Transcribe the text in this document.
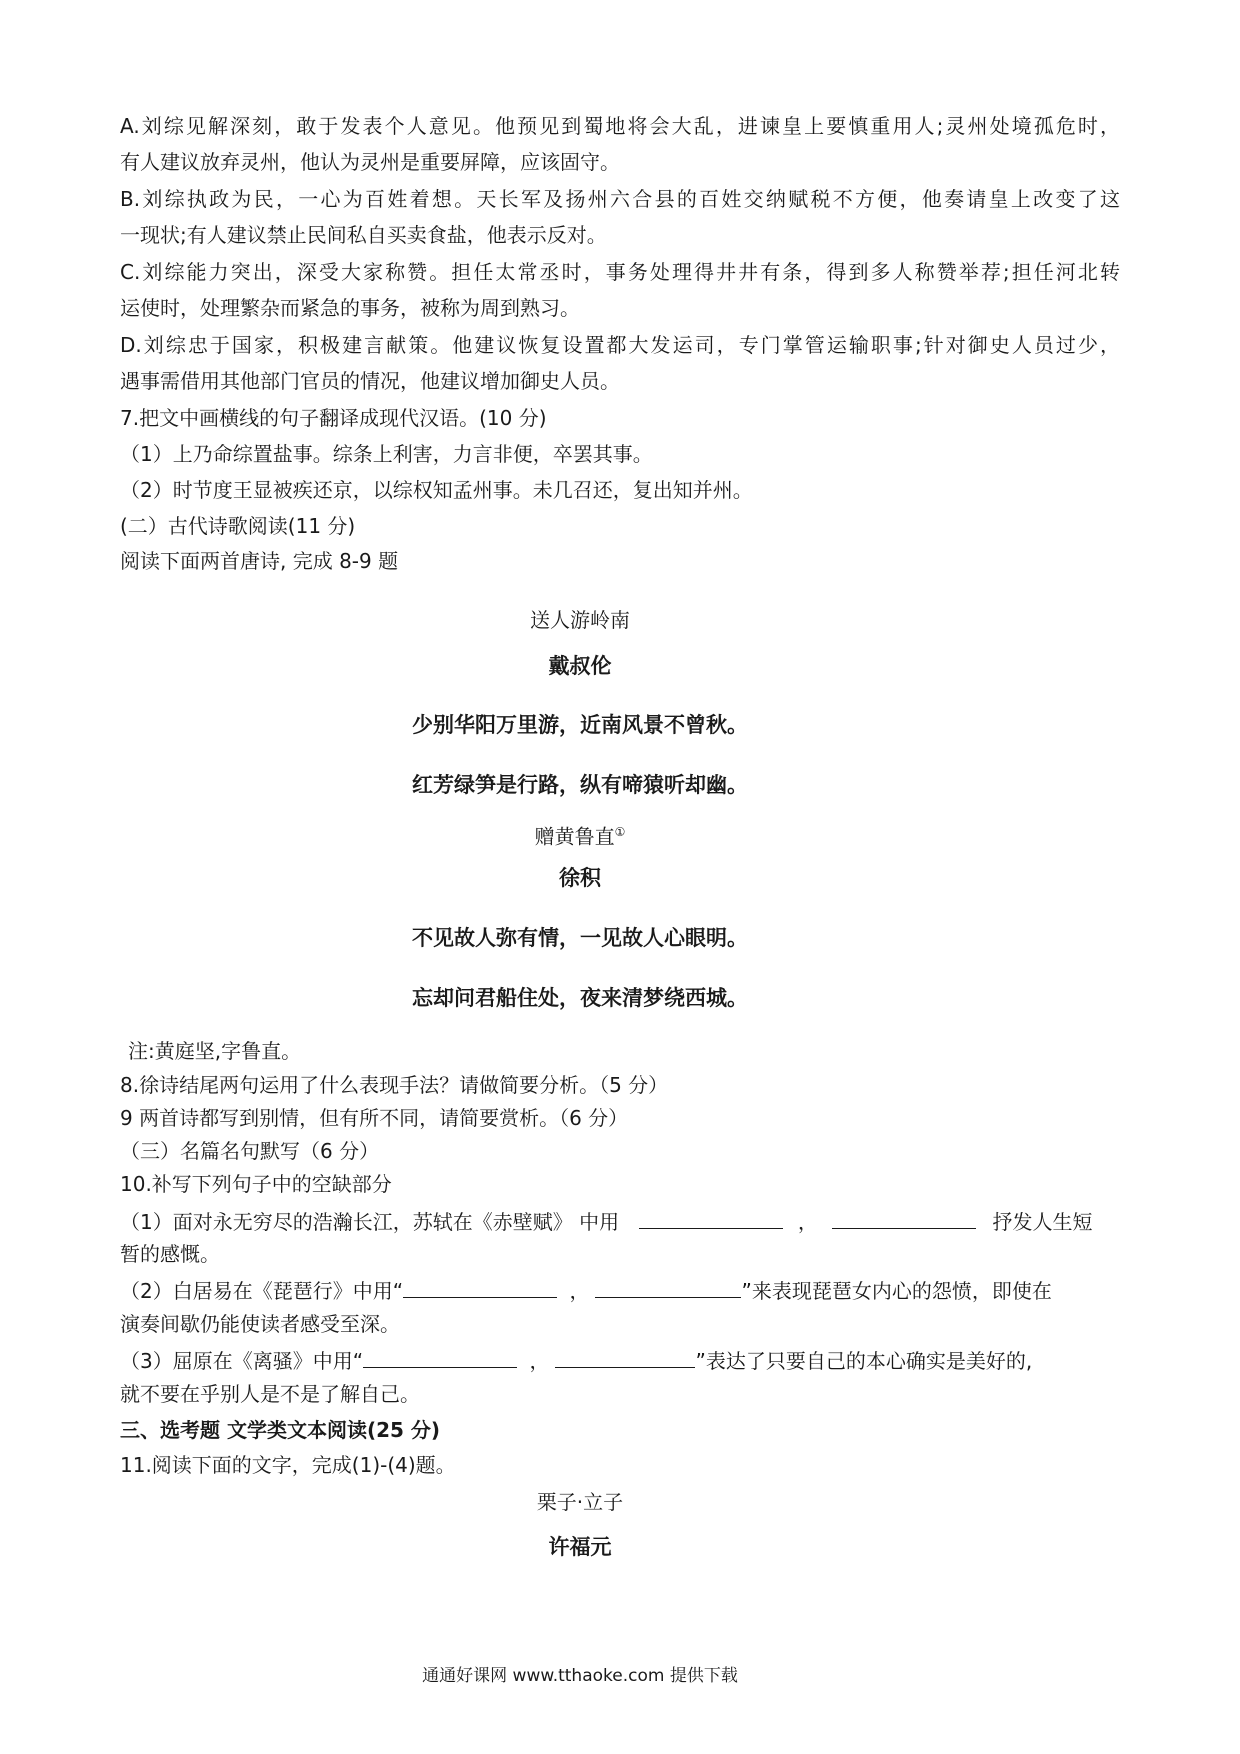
A.刘综见解深刻，敢于发表个人意见。他预见到蜀地将会大乱，进谏皇上要慎重用人;灵州处境孤危时，
有人建议放弃灵州，他认为灵州是重要屏障，应该固守。
B.刘综执政为民，一心为百姓着想。天长军及扬州六合县的百姓交纳赋税不方便，他奏请皇上改变了这
一现状;有人建议禁止民间私自买卖食盐，他表示反对。
C.刘综能力突出，深受大家称赞。担任太常丞时，事务处理得井井有条，得到多人称赞举荐;担任河北转
运使时，处理繁杂而紧急的事务，被称为周到熟习。
D.刘综忠于国家，积极建言献策。他建议恢复设置都大发运司，专门掌管运输职事;针对御史人员过少，
遇事需借用其他部门官员的情况，他建议增加御史人员。
7.把文中画横线的句子翻译成现代汉语。(10 分)
（1）上乃命综置盐事。综条上利害，力言非便，卒罢其事。
（2）时节度王显被疾还京，以综权知孟州事。未几召还，复出知并州。
(二）古代诗歌阅读(11 分)
阅读下面两首唐诗, 完成 8-9 题
送人游岭南
戴叔伦
少别华阳万里游，近南风景不曾秋。
红芳绿笋是行路，纵有啼猿听却幽。
赠黄鲁直①
徐积
不见故人弥有情，一见故人心眼明。
忘却问君船住处，夜来清梦绕西城。
注:黄庭坚,字鲁直。
8.徐诗结尾两句运用了什么表现手法？请做简要分析。（5 分）
9 两首诗都写到别情，但有所不同，请简要赏析。（6 分）
（三）名篇名句默写（6 分）
10.补写下列句子中的空缺部分
（1）面对永无穷尽的浩瀚长江，苏轼在《赤壁赋》 中用	，	抒发人生短
暂的感慨。
（2）白居易在《琵琶行》中用“	，	”来表现琵琶女内心的怨愤，即使在
演奏间歇仍能使读者感受至深。
（3）屈原在《离骚》中用“	，	”表达了只要自己的本心确实是美好的,
就不要在乎别人是不是了解自己。
三、选考题 文学类文本阅读(25 分)
11.阅读下面的文字，完成(1)-(4)题。
栗子·立子
许福元
通通好课网 www.tthaoke.com 提供下载
